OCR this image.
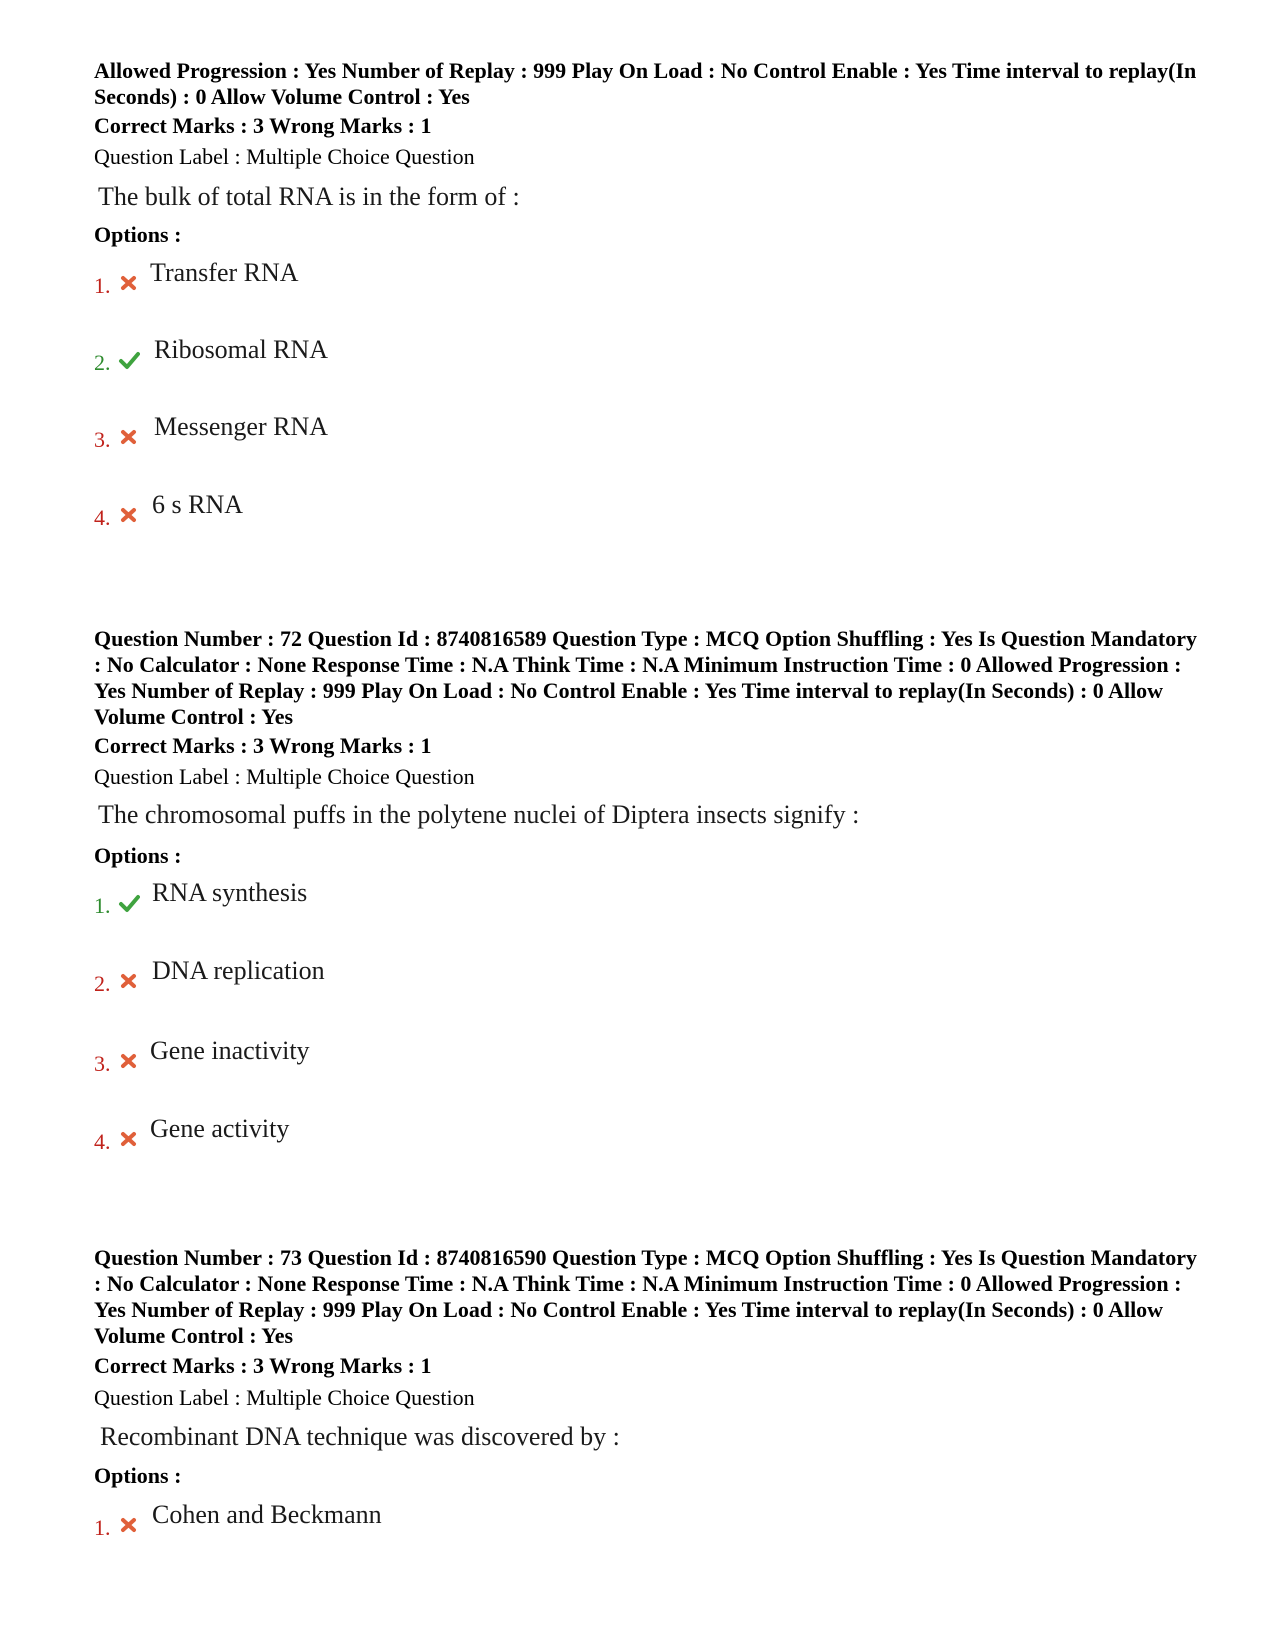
Allowed Progression : Yes Number of Replay : 999 Play On Load : No Control Enable : Yes Time interval to replay(In Seconds) : 0 Allow Volume Control : Yes
Correct Marks : 3 Wrong Marks : 1
Question Label : Multiple Choice Question
The bulk of total RNA is in the form of :
Options :
1. Transfer RNA
2. Ribosomal RNA
3. Messenger RNA
4. 6 s RNA
Question Number : 72 Question Id : 8740816589 Question Type : MCQ Option Shuffling : Yes Is Question Mandatory : No Calculator : None Response Time : N.A Think Time : N.A Minimum Instruction Time : 0 Allowed Progression : Yes Number of Replay : 999 Play On Load : No Control Enable : Yes Time interval to replay(In Seconds) : 0 Allow Volume Control : Yes
Correct Marks : 3 Wrong Marks : 1
Question Label : Multiple Choice Question
The chromosomal puffs in the polytene nuclei of Diptera insects signify :
Options :
1. RNA synthesis
2. DNA replication
3. Gene inactivity
4. Gene activity
Question Number : 73 Question Id : 8740816590 Question Type : MCQ Option Shuffling : Yes Is Question Mandatory : No Calculator : None Response Time : N.A Think Time : N.A Minimum Instruction Time : 0 Allowed Progression : Yes Number of Replay : 999 Play On Load : No Control Enable : Yes Time interval to replay(In Seconds) : 0 Allow Volume Control : Yes
Correct Marks : 3 Wrong Marks : 1
Question Label : Multiple Choice Question
Recombinant DNA technique was discovered by :
Options :
1. Cohen and Beckmann
